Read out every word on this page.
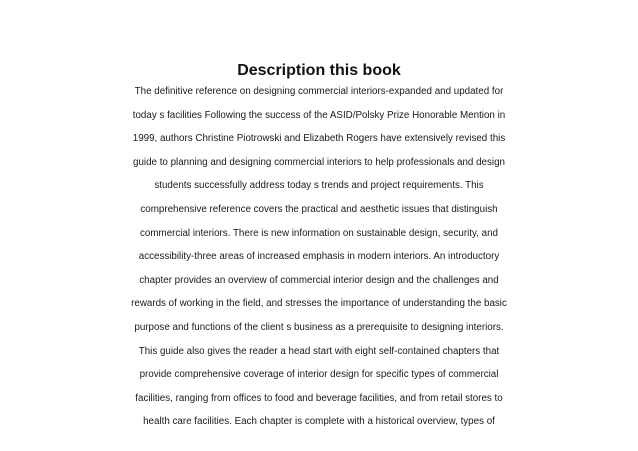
Description this book
The definitive reference on designing commercial interiors-expanded and updated for
today s facilities Following the success of the ASID/Polsky Prize Honorable Mention in
1999, authors Christine Piotrowski and Elizabeth Rogers have extensively revised this
guide to planning and designing commercial interiors to help professionals and design
students successfully address today s trends and project requirements. This
comprehensive reference covers the practical and aesthetic issues that distinguish
commercial interiors. There is new information on sustainable design, security, and
accessibility-three areas of increased emphasis in modern interiors. An introductory
chapter provides an overview of commercial interior design and the challenges and
rewards of working in the field, and stresses the importance of understanding the basic
purpose and functions of the client s business as a prerequisite to designing interiors.
This guide also gives the reader a head start with eight self-contained chapters that
provide comprehensive coverage of interior design for specific types of commercial
facilities, ranging from offices to food and beverage facilities, and from retail stores to
health care facilities. Each chapter is complete with a historical overview, types of
